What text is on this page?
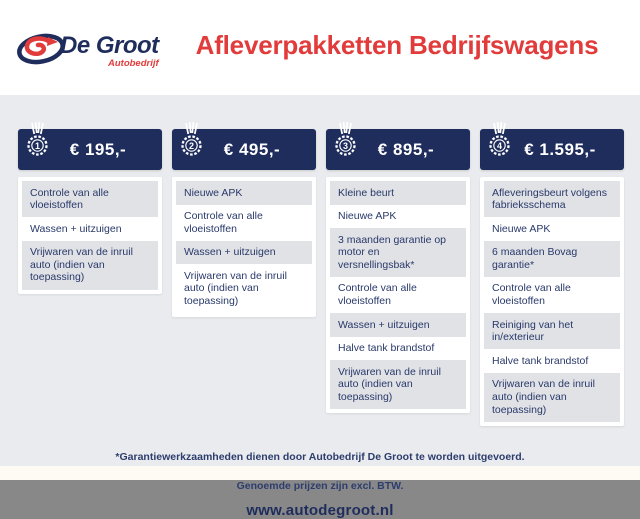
De Groot
Autobedrijf
Afleverpakketten Bedrijfswagens
1	€ 195,-
Controle van alle vloeistoffen
Wassen + uitzuigen
Vrijwaren van de inruil auto (indien van toepassing)
2	€ 495,-
Nieuwe APK
Controle van alle vloeistoffen
Wassen + uitzuigen
Vrijwaren van de inruil auto (indien van toepassing)
3	€ 895,-
Kleine beurt
Nieuwe APK
3 maanden garantie op motor en versnellingsbak*
Controle van alle vloeistoffen
Wassen + uitzuigen
Halve tank brandstof
Vrijwaren van de inruil auto (indien van toepassing)
4	€ 1.595,-
Afleveringsbeurt volgens fabrieksschema
Nieuwe APK
6 maanden Bovag garantie*
Controle van alle vloeistoffen
Reiniging van het in/exterieur
Halve tank brandstof
Vrijwaren van de inruil auto (indien van toepassing)
*Garantiewerkzaamheden dienen door Autobedrijf De Groot te worden uitgevoerd.
Genoemde prijzen zijn excl. BTW.
www.autodegroot.nl
